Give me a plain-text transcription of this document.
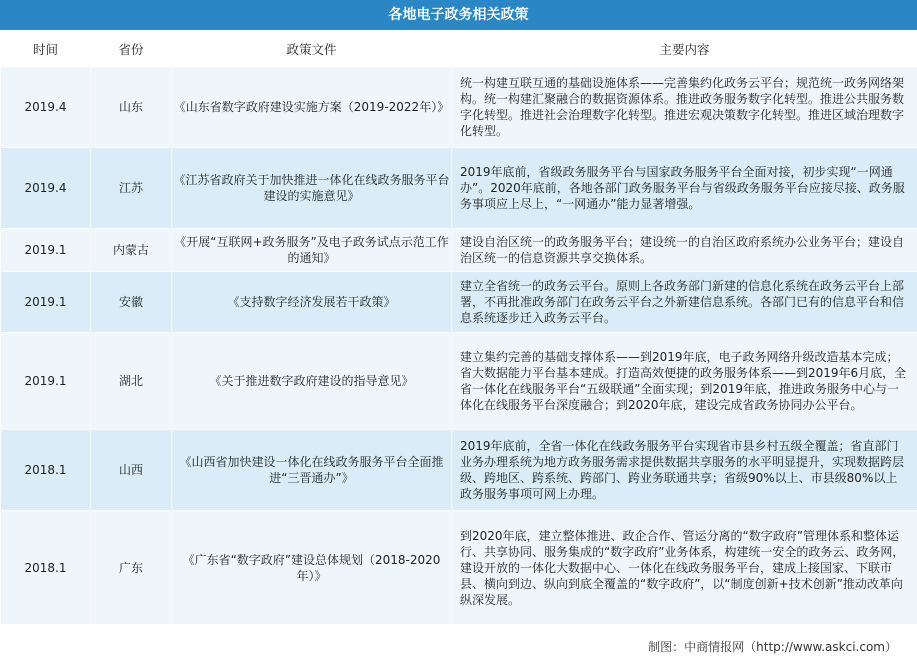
各地电子政务相关政策
时间	省份	政策文件	主要内容
2019.4	山东	《山东省数字政府建设实施方案（2019-2022年）》	统一构建互联互通的基础设施体系——完善集约化政务云平台；规范统一政务网络架构。统一构建汇聚融合的数据资源体系。推进政务服务数字化转型。推进公共服务数字化转型。推进社会治理数字化转型。推进宏观决策数字化转型。推进区域治理数字化转型。
2019.4	江苏	《江苏省政府关于加快推进一体化在线政务服务平台建设的实施意见》	2019年底前，省级政务服务平台与国家政务服务平台全面对接，初步实现“一网通办”。2020年底前，各地各部门政务服务平台与省级政务服务平台应接尽接、政务服务事项应上尽上，“一网通办”能力显著增强。
2019.1	内蒙古	《开展“互联网+政务服务”及电子政务试点示范工作的通知》	建设自治区统一的政务服务平台；建设统一的自治区政府系统办公业务平台；建设自治区统一的信息资源共享交换体系。
2019.1	安徽	《支持数字经济发展若干政策》	建立全省统一的政务云平台。原则上各政务部门新建的信息化系统在政务云平台上部署，不再批准政务部门在政务云平台之外新建信息系统。各部门已有的信息平台和信息系统逐步迁入政务云平台。
2019.1	湖北	《关于推进数字政府建设的指导意见》	建立集约完善的基础支撑体系——到2019年底，电子政务网络升级改造基本完成；省大数据能力平台基本建成。打造高效便捷的政务服务体系——到2019年6月底，全省一体化在线服务平台“五级联通”全面实现；到2019年底，推进政务服务中心与一体化在线服务平台深度融合；到2020年底，建设完成省政务协同办公平台。
2018.1	山西	《山西省加快建设一体化在线政务服务平台全面推进“三晋通办”》	2019年底前，全省一体化在线政务服务平台实现省市县乡村五级全覆盖；省直部门业务办理系统为地方政务服务需求提供数据共享服务的水平明显提升，实现数据跨层级、跨地区、跨系统、跨部门、跨业务联通共享；省级90%以上、市县级80%以上政务服务事项可网上办理。
2018.1	广东	《广东省“数字政府”建设总体规划（2018-2020年）》	到2020年底，建立整体推进、政企合作、管运分离的“数字政府”管理体系和整体运行、共享协同、服务集成的“数字政府”业务体系，构建统一安全的政务云、政务网，建设开放的一体化大数据中心、一体化在线政务服务平台，建成上接国家、下联市县、横向到边、纵向到底全覆盖的“数字政府”，以“制度创新+技术创新”推动改革向纵深发展。
制图：中商情报网（http://www.askci.com）
